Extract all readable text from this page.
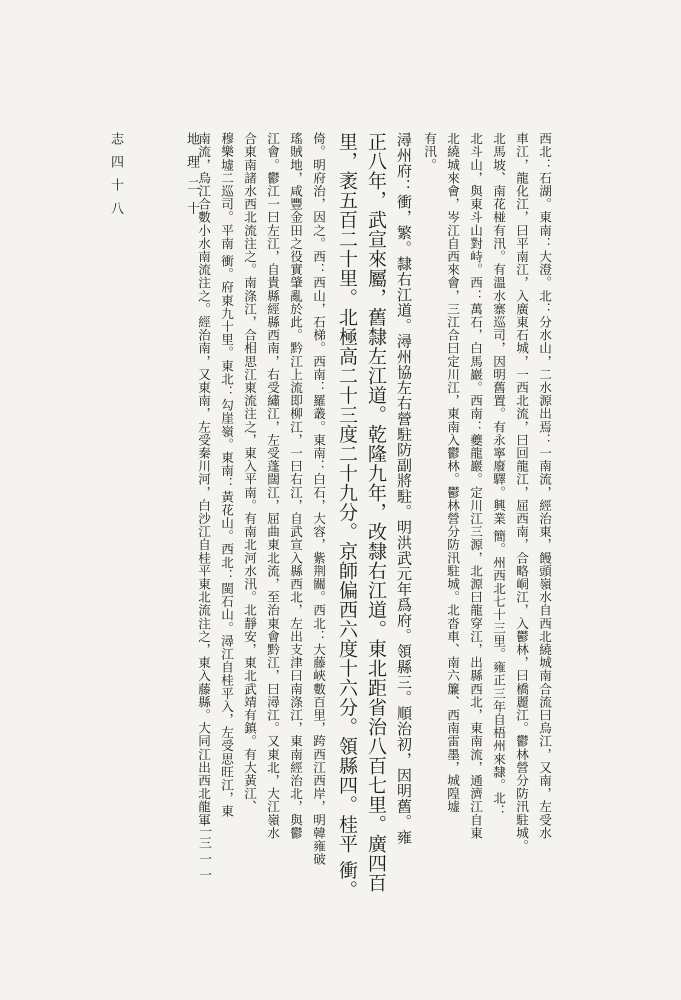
志 四 十 八	地 理 二 十
二三一一
西北：石湖。東南：大澄。北：分水山，二水源出焉：一南流，經治東，饅頭嶺水自西北繞城南合流曰烏江，又南，左受水
車江，龍化江，曰平南江，入廣東石城，一西北流，曰回龍江，屈西南，合略峒江，入鬱林，曰橋麗江。鬱林營分防汛駐城。
北馬坡、南花椪有汛。有溫水寨巡司，因明舊置。有永寧廢驛。興業 簡。州西北七十三里。雍正三年自梧州來隸。北：
北斗山，與東斗山對峙。西：萬石，白馬巖。西南：夔龍巖。定川江三源，北源曰龍穿江，出縣西北，東南流，通濟江自東
北繞城來會，岑江自西來會，三江合曰定川江，東南入鬱林。鬱林營分防汛駐城。北沓車、南六簾、西南雷墨，城隍墟
有汛。
潯州府：衝，繁。隸右江道。潯州協左右營駐防副將駐。明洪武元年爲府。領縣三。順治初，因明舊。雍
正八年，武宣來屬，舊隸左江道。乾隆九年，改隸右江道。東北距省治八百七里。廣四百
里，袤五百二十里。北極高二十三度二十九分。京師偏西六度十六分。領縣四。桂平 衝。
倚。明府治，因之。西：西山，石梯。西南：羅叢。東南：白石，大容，紫荆關。西北：大藤峽數百里，跨西江西岸，明韓雍破
瑤賊地，咸豐金田之役實肇亂於此。黔江上流即柳江，一曰右江，自武宣入縣西北，左出支津曰南涤江，東南經治北，與鬱
江會。鬱江一曰左江，自貴縣經縣西南，右受繡江，左受蓬闊江，屈曲東北流，至治東會黔江，曰潯江。又東北，大江嶺水
合東南諸水西北流注之。南涤江，合相思江東流注之，東入平南。有南北河水汛。北靜安，東北武靖有鎮。有大黃江、
穆樂墟二巡司。平南 衝。府東九十里。東北：勾崖嶺。東南：黃花山。西北：閩石山。潯江自桂平入，左受思旺江，東
南流，烏江合數小水南流注之。經治南，又東南，左受秦川河，白沙江自桂平東北流注之，東入藤縣。大同江出西北龍軍
